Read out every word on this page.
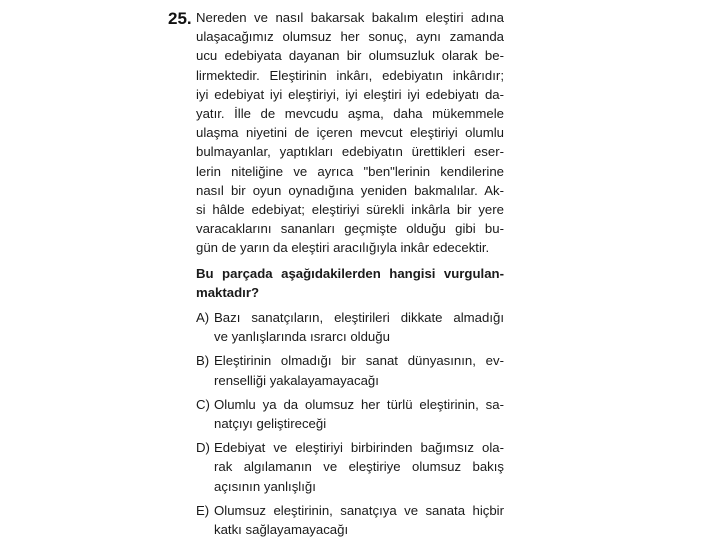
25. Nereden ve nasıl bakarsak bakalım eleştiri adına
ulaşacağımız olumsuz her sonuç, aynı zamanda
ucu edebiyata dayanan bir olumsuzluk olarak be-
lirmektedir. Eleştirinin inkârı, edebiyatın inkârıdır;
iyi edebiyat iyi eleştiriyi, iyi eleştiri iyi edebiyatı da-
yatır. İlle de mevcudu aşma, daha mükemmele
ulaşma niyetini de içeren mevcut eleştiriyi olumlu
bulmayanlar, yaptıkları edebiyatın ürettikleri eser-
lerin niteliğine ve ayrıca "ben"lerinin kendilerine
nasıl bir oyun oynadığına yeniden bakmalılar. Ak-
si hâlde edebiyat; eleştiriyi sürekli inkârla bir yere
varacaklarını sananları geçmişte olduğu gibi bu-
gün de yarın da eleştiri aracılığıyla inkâr edecektir.
Bu parçada aşağıdakilerden hangisi vurgulan-
maktadır?
A) Bazı sanatçıların, eleştirileri dikkate almadığı
ve yanlışlarında ısrarcı olduğu
B) Eleştirinin olmadığı bir sanat dünyasının, ev-
renselliği yakalayamayacağı
C) Olumlu ya da olumsuz her türlü eleştirinin, sa-
natçıyı geliştireceği
D) Edebiyat ve eleştiriyi birbirinden bağımsız ola-
rak algılamanın ve eleştiriye olumsuz bakış
açısının yanlışlığı
E) Olumsuz eleştirinin, sanatçıya ve sanata hiçbir
katkı sağlayamayacağı
